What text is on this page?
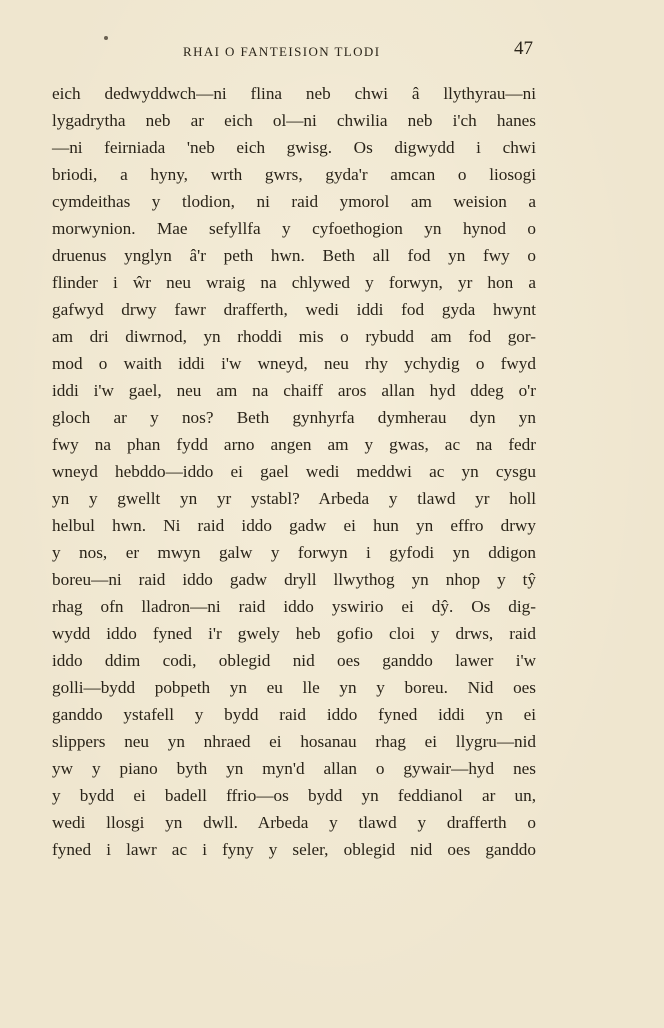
RHAI O FANTEISION TLODI	47
eich dedwyddwch—ni flina neb chwi â llythyrau—ni
lygadrytha neb ar eich ol—ni chwilia neb i'ch hanes
—ni feirniada 'neb eich gwisg. Os digwydd i chwi
briodi, a hyny, wrth gwrs, gyda'r amcan o liosogi
cymdeithas y tlodion, ni raid ymorol am weision a
morwynion. Mae sefyllfa y cyfoethogion yn hynod o
druenus ynglyn â'r peth hwn. Beth all fod yn fwy o
flinder i ŵr neu wraig na chlywed y forwyn, yr hon a
gafwyd drwy fawr drafferth, wedi iddi fod gyda hwynt
am dri diwrnod, yn rhoddi mis o rybudd am fod gor-
mod o waith iddi i'w wneyd, neu rhy ychydig o fwyd
iddi i'w gael, neu am na chaiff aros allan hyd ddeg o'r
gloch ar y nos? Beth gynhyrfa dymherau dyn yn
fwy na phan fydd arno angen am y gwas, ac na fedr
wneyd hebddo—iddo ei gael wedi meddwi ac yn cysgu
yn y gwellt yn yr ystabl? Arbeda y tlawd yr holl
helbul hwn. Ni raid iddo gadw ei hun yn effro drwy
y nos, er mwyn galw y forwyn i gyfodi yn ddigon
boreu—ni raid iddo gadw dryll llwythog yn nhop y tŷ
rhag ofn lladron—ni raid iddo yswirio ei dŷ. Os dig-
wydd iddo fyned i'r gwely heb gofio cloi y drws, raid
iddo ddim codi, oblegid nid oes ganddo lawer i'w
golli—bydd pobpeth yn eu lle yn y boreu. Nid oes
ganddo ystafell y bydd raid iddo fyned iddi yn ei
slippers neu yn nhraed ei hosanau rhag ei llygru—nid
yw y piano byth yn myn'd allan o gywair—hyd nes
y bydd ei badell ffrio—os bydd yn feddianol ar un,
wedi llosgi yn dwll. Arbeda y tlawd y drafferth o
fyned i lawr ac i fyny y seler, oblegid nid oes ganddo
